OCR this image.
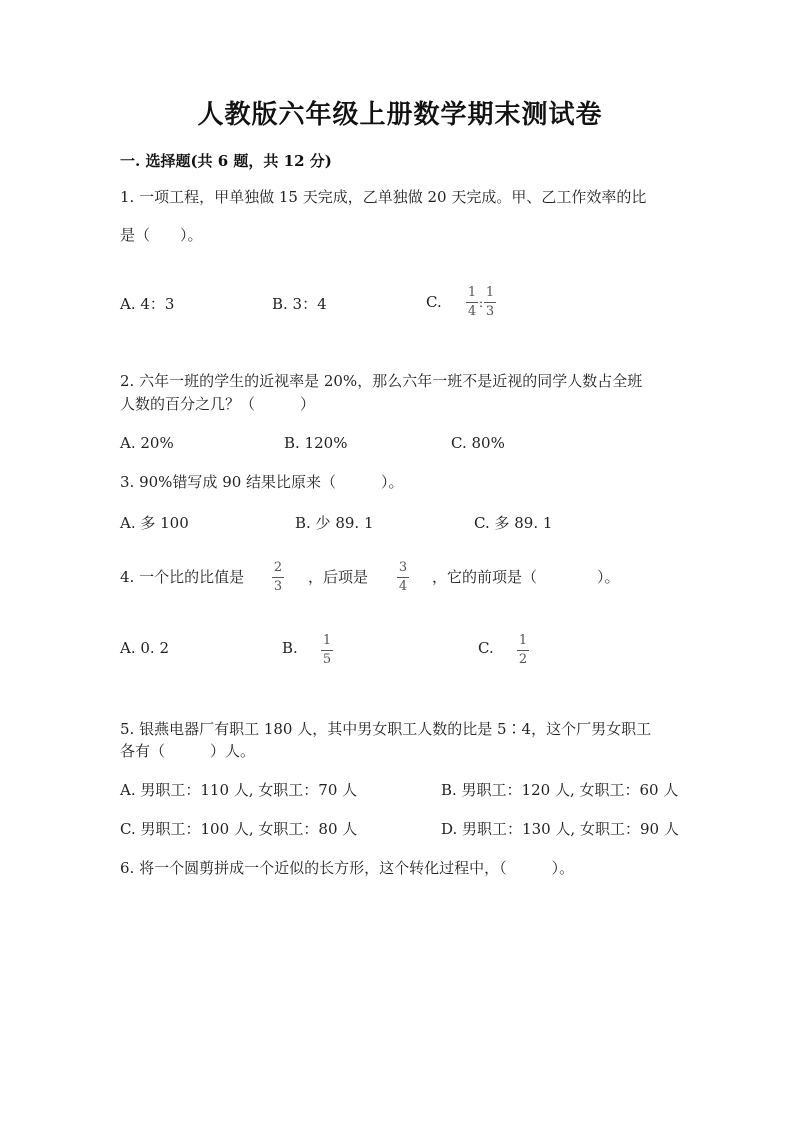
人教版六年级上册数学期末测试卷
一. 选择题(共 6 题，共 12 分)
1. 一项工程，甲单独做 15 天完成，乙单独做 20 天完成。甲、乙工作效率的比
是（　　）。
A. 4：3	B. 3：4	C. $\frac{1}{4}$ : $\frac{1}{3}$
2. 六年一班的学生的近视率是 20%，那么六年一班不是近视的同学人数占全班
人数的百分之几？（　　　）
A. 20%	B. 120%	C. 80%
3. 90%错写成 90 结果比原来（　　　）。
A. 多 100	B. 少 89. 1	C. 多 89. 1
4. 一个比的比值是
2
3
，后项是
3
4
，它的前项是（　　　　）。
A. 0. 2	B. 1
5
C. 1
2
5. 银燕电器厂有职工 180 人，其中男女职工人数的比是 5∶4，这个厂男女职工
各有（　　　）人。
A. 男职工：110 人, 女职工：70 人	B. 男职工：120 人, 女职工：60 人
C. 男职工：100 人, 女职工：80 人	D. 男职工：130 人, 女职工：90 人
6. 将一个圆剪拼成一个近似的长方形，这个转化过程中，（　　　）。
